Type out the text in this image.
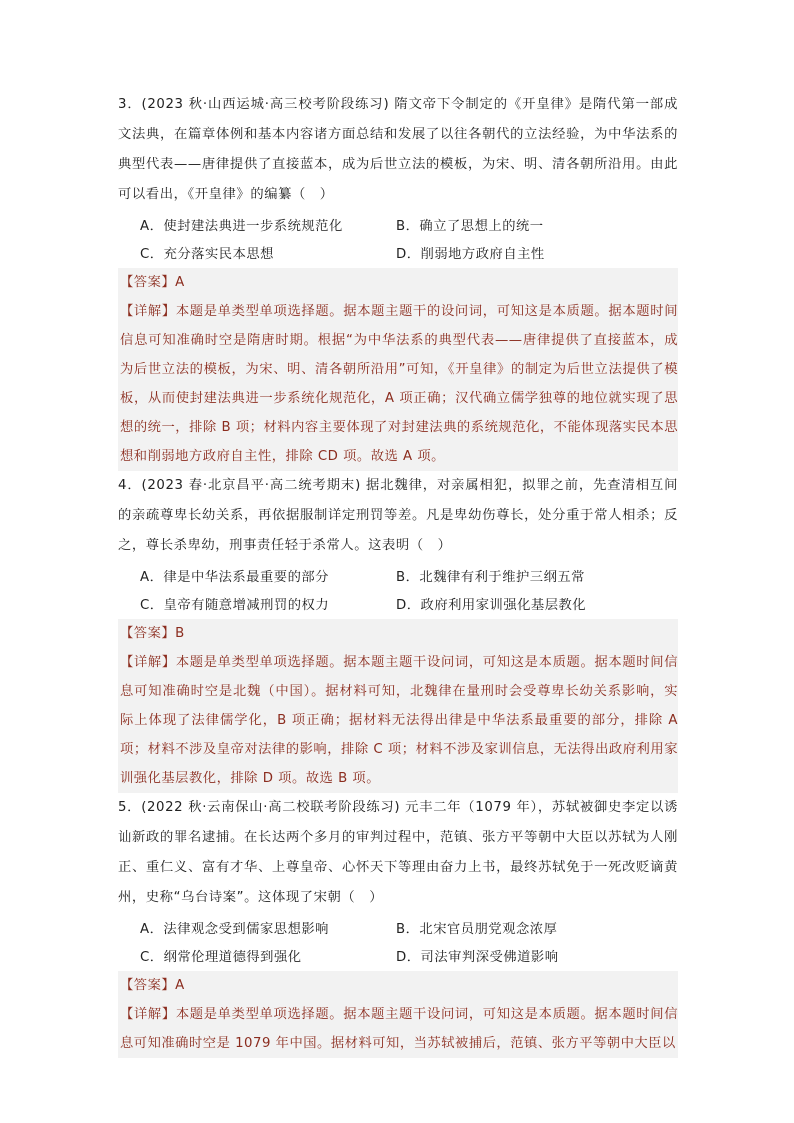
3．(2023 秋·山西运城·高三校考阶段练习) 隋文帝下令制定的《开皇律》是隋代第一部成文法典，在篇章体例和基本内容诸方面总结和发展了以往各朝代的立法经验，为中华法系的典型代表——唐律提供了直接蓝本，成为后世立法的模板，为宋、明、清各朝所沿用。由此可以看出，《开皇律》的编纂（　）

A．使封建法典进一步系统规范化	B．确立了思想上的统一
C．充分落实民本思想	D．削弱地方政府自主性

【答案】A

【详解】本题是单类型单项选择题。据本题主题干的设问词，可知这是本质题。据本题时间信息可知准确时空是隋唐时期。根据“为中华法系的典型代表——唐律提供了直接蓝本，成为后世立法的模板，为宋、明、清各朝所沿用”可知，《开皇律》的制定为后世立法提供了模板，从而使封建法典进一步系统化规范化，A 项正确；汉代确立儒学独尊的地位就实现了思想的统一，排除 B 项；材料内容主要体现了对封建法典的系统规范化，不能体现落实民本思想和削弱地方政府自主性，排除 CD 项。故选 A 项。

4．(2023 春·北京昌平·高二统考期末) 据北魏律，对亲属相犯，拟罪之前，先查清相互间的亲疏尊卑长幼关系，再依据服制详定刑罚等差。凡是卑幼伤尊长，处分重于常人相杀；反之，尊长杀卑幼，刑事责任轻于杀常人。这表明（　）

A．律是中华法系最重要的部分	B．北魏律有利于维护三纲五常
C．皇帝有随意增减刑罚的权力	D．政府利用家训强化基层教化

【答案】B

【详解】本题是单类型单项选择题。据本题主题干设问词，可知这是本质题。据本题时间信息可知准确时空是北魏（中国）。据材料可知，北魏律在量刑时会受尊卑长幼关系影响，实际上体现了法律儒学化，B 项正确；据材料无法得出律是中华法系最重要的部分，排除 A 项；材料不涉及皇帝对法律的影响，排除 C 项；材料不涉及家训信息，无法得出政府利用家训强化基层教化，排除 D 项。故选 B 项。

5．(2022 秋·云南保山·高二校联考阶段练习) 元丰二年（1079 年），苏轼被御史李定以诱讪新政的罪名逮捕。在长达两个多月的审判过程中，范镇、张方平等朝中大臣以苏轼为人刚正、重仁义、富有才华、上尊皇帝、心怀天下等理由奋力上书，最终苏轼免于一死改贬谪黄州，史称“乌台诗案”。这体现了宋朝（　）

A．法律观念受到儒家思想影响	B．北宋官员朋党观念浓厚
C．纲常伦理道德得到强化	D．司法审判深受佛道影响

【答案】A

【详解】本题是单类型单项选择题。据本题主题干设问词，可知这是本质题。据本题时间信息可知准确时空是 1079 年中国。据材料可知，当苏轼被捕后，范镇、张方平等朝中大臣以
